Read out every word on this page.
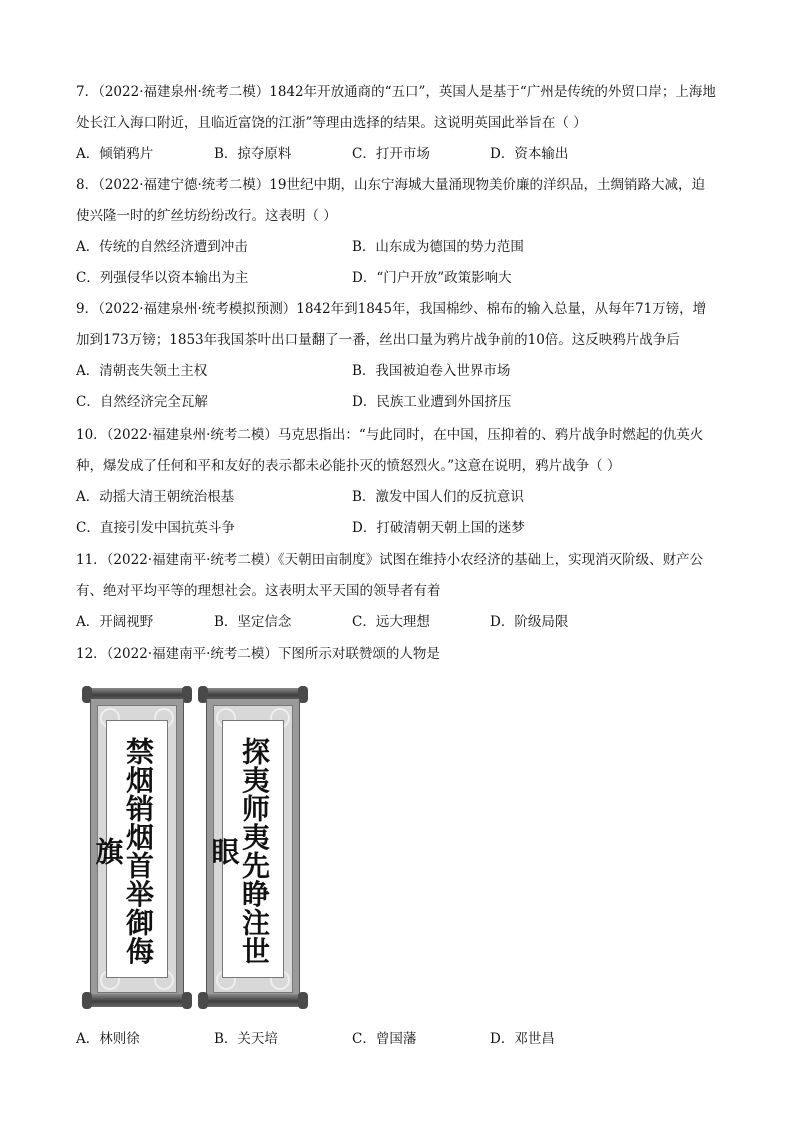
7．（2022·福建泉州·统考二模）1842年开放通商的“五口”，英国人是基于“广州是传统的外贸口岸；上海地
处长江入海口附近，且临近富饶的江浙”等理由选择的结果。这说明英国此举旨在（ ）
A．倾销鸦片	B．掠夺原料	C．打开市场	D．资本输出
8．（2022·福建宁德·统考二模）19世纪中期，山东宁海城大量涌现物美价廉的洋织品，土绸销路大减，迫
使兴隆一时的纩丝坊纷纷改行。这表明（ ）
A．传统的自然经济遭到冲击	B．山东成为德国的势力范围
C．列强侵华以资本输出为主	D．“门户开放”政策影响大
9．（2022·福建泉州·统考模拟预测）1842年到1845年，我国棉纱、棉布的输入总量，从每年71万镑，增
加到173万镑；1853年我国茶叶出口量翻了一番，丝出口量为鸦片战争前的10倍。这反映鸦片战争后
A．清朝丧失领土主权	B．我国被迫卷入世界市场
C．自然经济完全瓦解	D．民族工业遭到外国挤压
10．（2022·福建泉州·统考二模）马克思指出：“与此同时，在中国，压抑着的、鸦片战争时燃起的仇英火
种，爆发成了任何和平和友好的表示都未必能扑灭的愤怒烈火。”这意在说明，鸦片战争（ ）
A．动摇大清王朝统治根基	B．激发中国人们的反抗意识
C．直接引发中国抗英斗争	D．打破清朝天朝上国的迷梦
11．（2022·福建南平·统考二模）《天朝田亩制度》试图在维持小农经济的基础上，实现消灭阶级、财产公
有、绝对平均平等的理想社会。这表明太平天国的领导者有着
A．开阔视野	B．坚定信念	C．远大理想	D．阶级局限
12．（2022·福建南平·统考二模）下图所示对联赞颂的人物是
禁烟销烟首举御侮旗	探夷师夷先睁注世眼
A．林则徐	B．关天培	C．曾国藩	D．邓世昌
